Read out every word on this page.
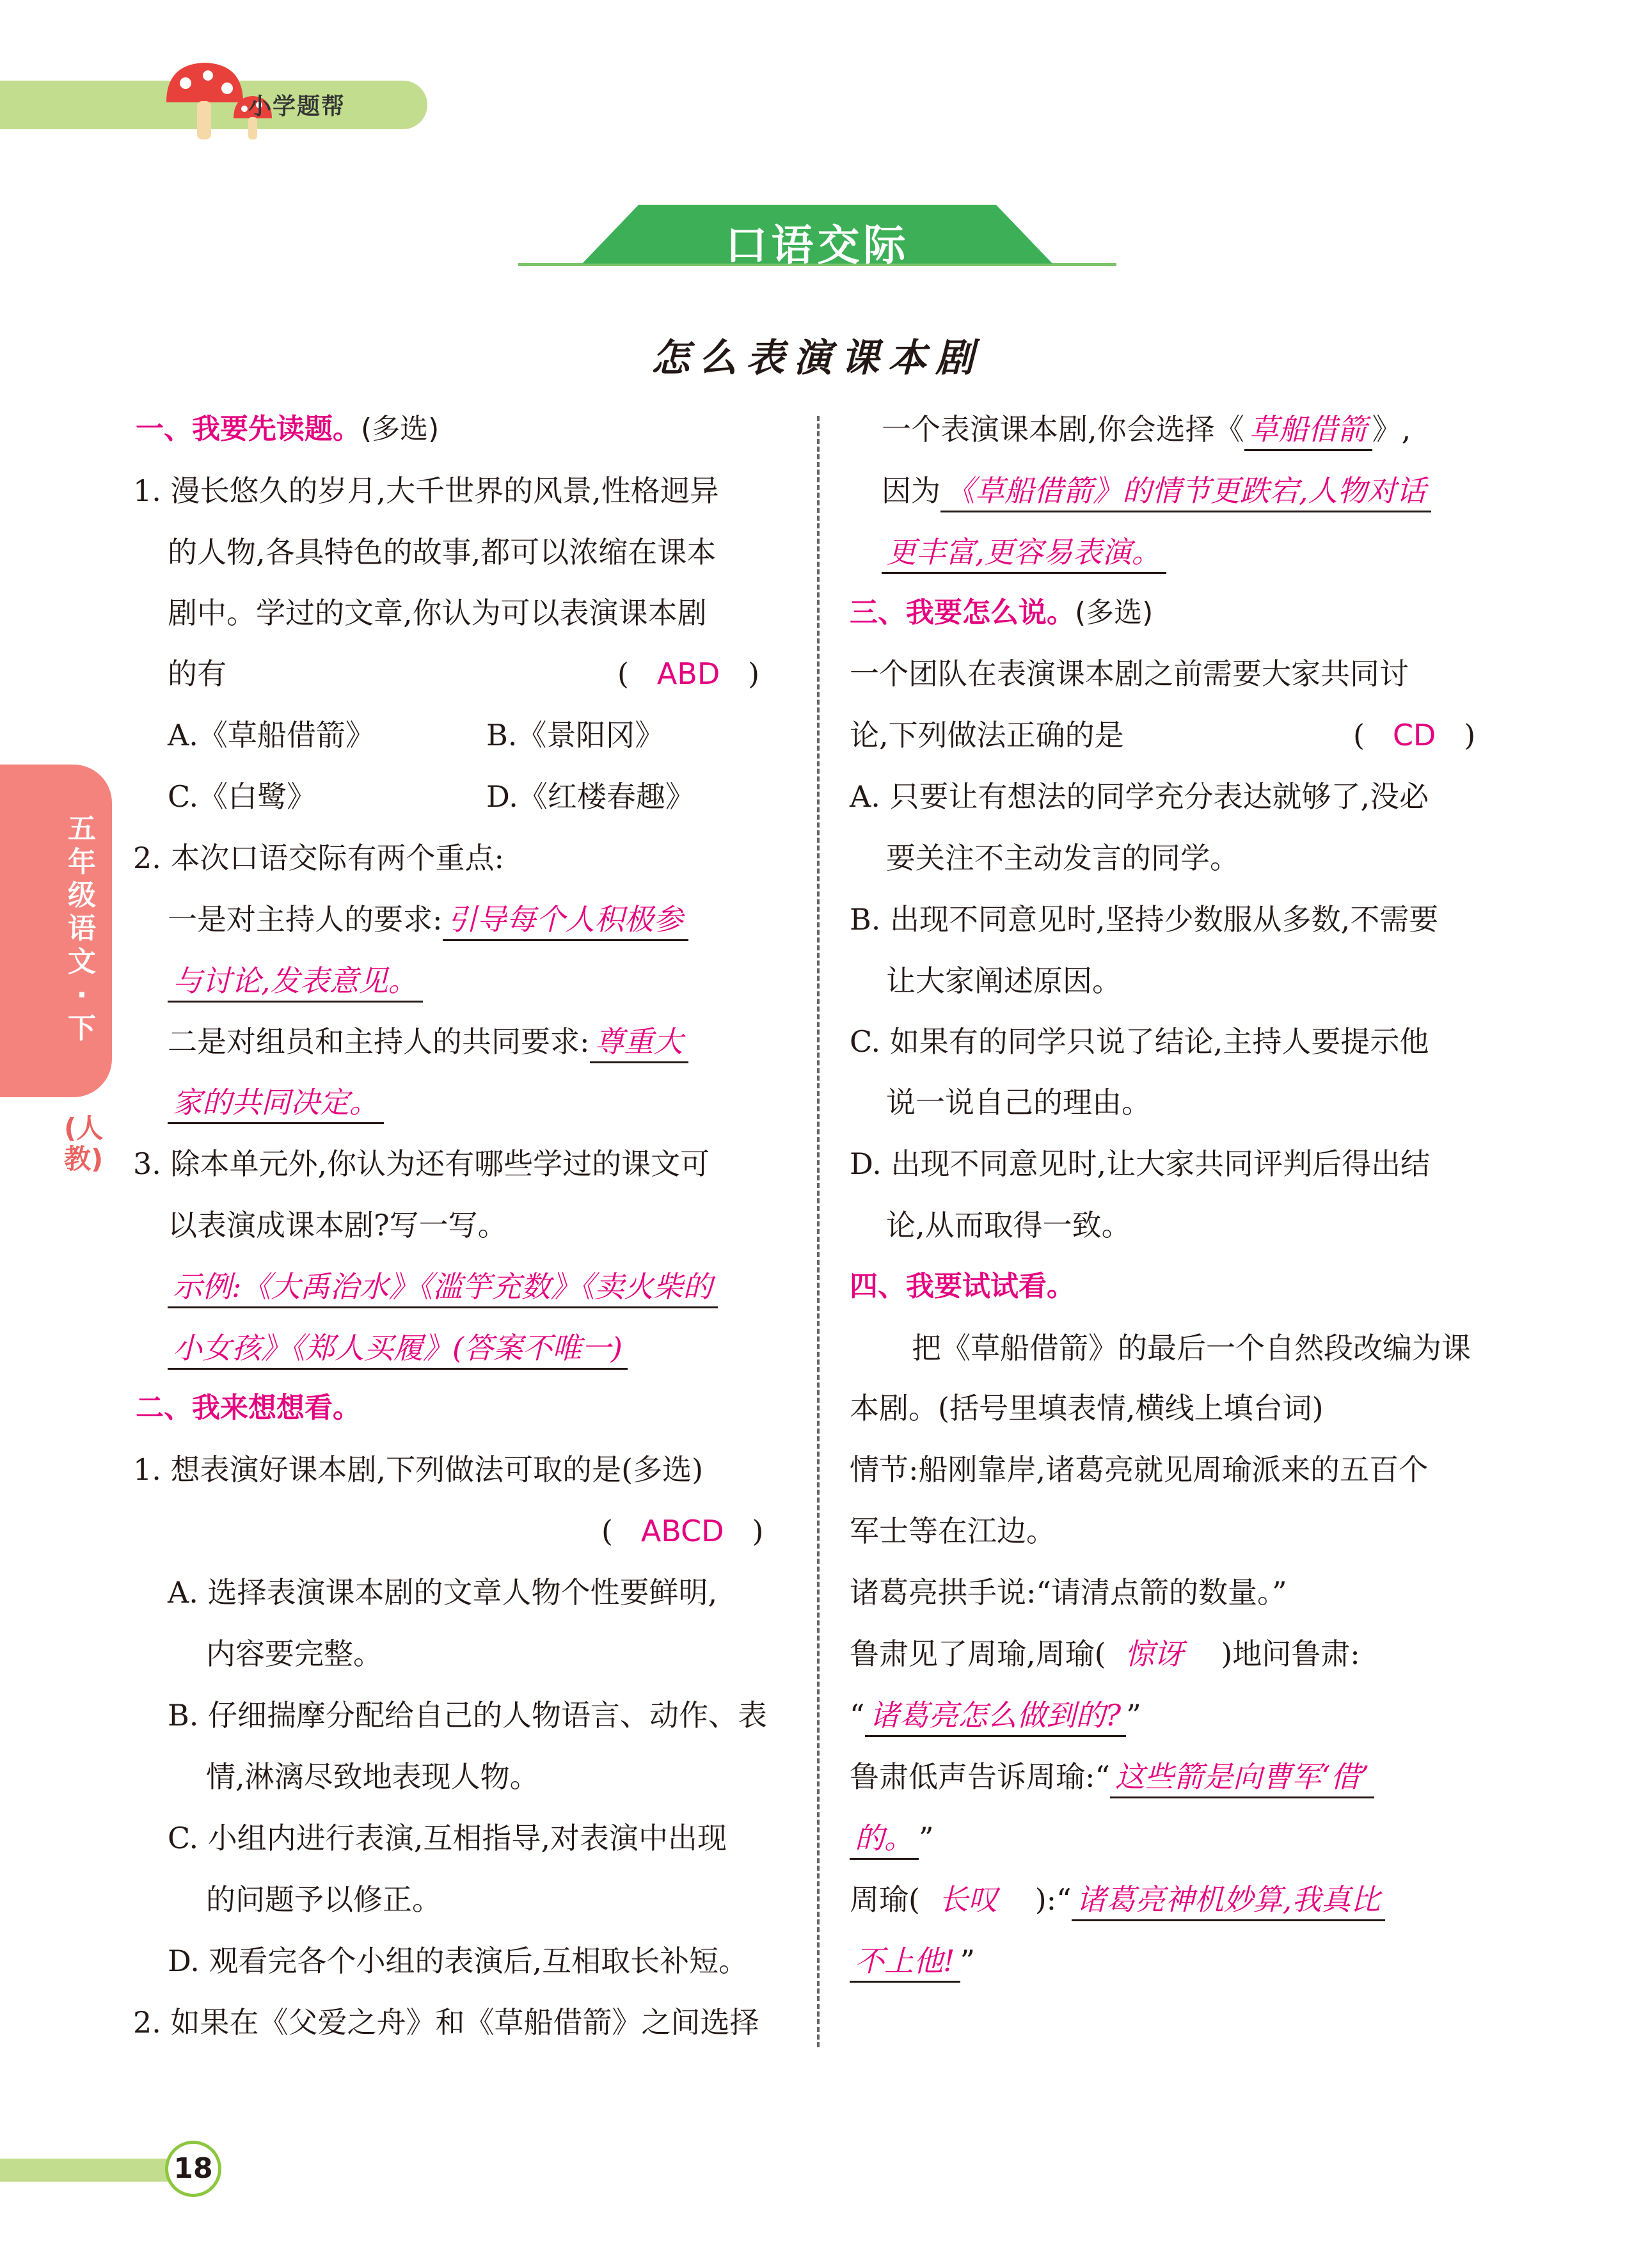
小学题帮
口语交际
怎么表演课本剧
五年级语文·下
(人教)
一、我要先读题。(多选)
1. 漫长悠久的岁月,大千世界的风景,性格迥异
的人物,各具特色的故事,都可以浓缩在课本
剧中。学过的文章,你认为可以表演课本剧
的有	(   ABD   )
A.《草船借箭》	B.《景阳冈》
C.《白鹭》	D.《红楼春趣》
2. 本次口语交际有两个重点:
一是对主持人的要求: 引导每个人积极参
与讨论,发表意见。
二是对组员和主持人的共同要求: 尊重大
家的共同决定。
3. 除本单元外,你认为还有哪些学过的课文可
以表演成课本剧?写一写。
示例:《大禹治水》《滥竽充数》《卖火柴的
小女孩》《郑人买履》(答案不唯一)
二、我来想想看。
1. 想表演好课本剧,下列做法可取的是(多选)
(   ABCD   )
A. 选择表演课本剧的文章人物个性要鲜明,
内容要完整。
B. 仔细揣摩分配给自己的人物语言、动作、表
情,淋漓尽致地表现人物。
C. 小组内进行表演,互相指导,对表演中出现
的问题予以修正。
D. 观看完各个小组的表演后,互相取长补短。
2. 如果在《父爱之舟》和《草船借箭》之间选择
一个表演课本剧,你会选择《 草船借箭 》,
因为 《草船借箭》的情节更跌宕,人物对话
更丰富,更容易表演。
三、我要怎么说。(多选)
一个团队在表演课本剧之前需要大家共同讨
论,下列做法正确的是	(   CD   )
A. 只要让有想法的同学充分表达就够了,没必
要关注不主动发言的同学。
B. 出现不同意见时,坚持少数服从多数,不需要
让大家阐述原因。
C. 如果有的同学只说了结论,主持人要提示他
说一说自己的理由。
D. 出现不同意见时,让大家共同评判后得出结
论,从而取得一致。
四、我要试试看。
把《草船借箭》的最后一个自然段改编为课
本剧。(括号里填表情,横线上填台词)
情节:船刚靠岸,诸葛亮就见周瑜派来的五百个
军士等在江边。
诸葛亮拱手说:“请清点箭的数量。”
鲁肃见了周瑜,周瑜( 惊讶 )地问鲁肃:
“ 诸葛亮怎么做到的? ”
鲁肃低声告诉周瑜:“ 这些箭是向曹军‘借’
的。 ”
周瑜( 长叹 ):“ 诸葛亮神机妙算,我真比
不上他! ”
18
